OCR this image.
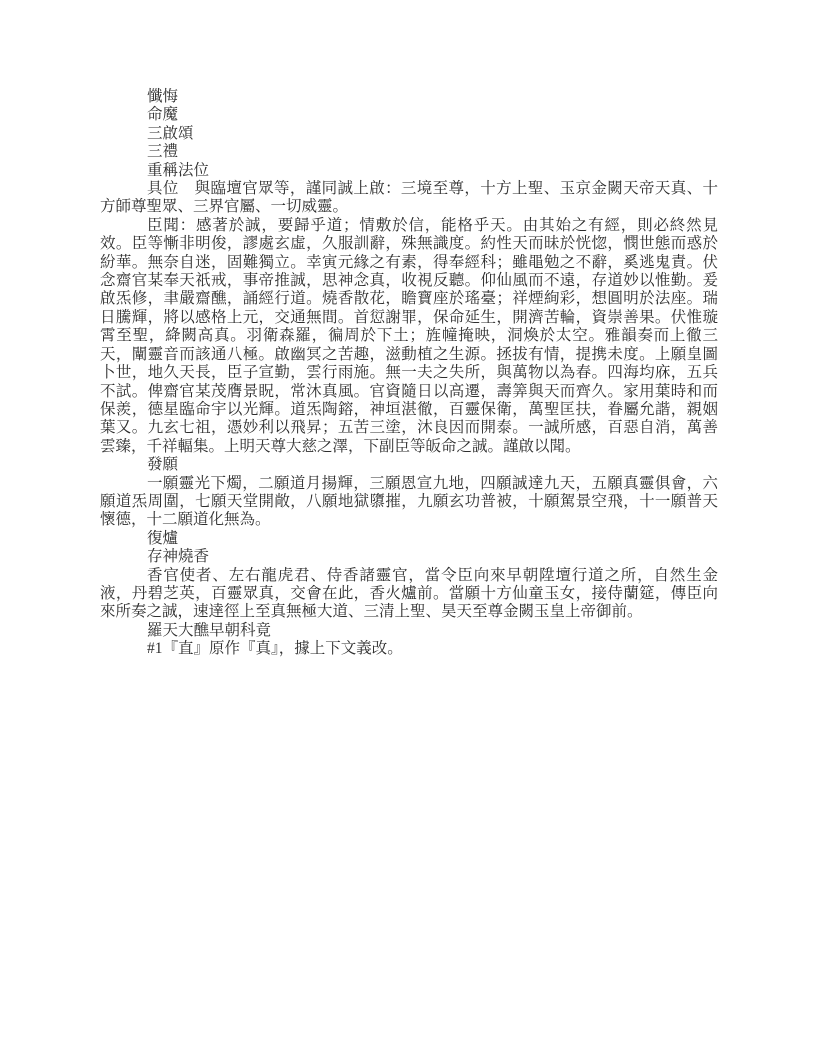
懺悔

命魔

三啟頌

三禮

重稱法位

具位　與臨壇官眾等，謹同誠上啟：三境至尊，十方上聖、玉京金闕天帝天真、十方師尊聖眾、三界官屬、一切威靈。

臣聞：感著於誠，要歸乎道；情敷於信，能格乎天。由其始之有經，則必終然見效。臣等慚非明俊，謬處玄虛，久服訓辭，殊無識度。約性天而昧於恍惚，憫世態而惑於紛華。無奈自迷，固難獨立。幸寅元緣之有素，得奉經科；雖黽勉之不辭，奚逃鬼責。伏念齋官某奉天祇戒，事帝推誠，思神念真，收視反聽。仰仙風而不遠，存道妙以惟勤。爰啟炁修，聿嚴齋醮，誦經行道。燒香散花，瞻寶座於瑤臺；祥煙絢彩，想圓明於法座。瑞日騰輝，將以感格上元，交通無間。首愆謝罪，保命延生，開濟苦輪，資崇善果。伏惟璇霄至聖，絳闕高真。羽衛森羅，徧周於下土；旌幢掩映，洞煥於太空。雅韻奏而上徹三天，闡靈音而該通八極。啟幽冥之苦趣，滋動植之生源。拯拔有情，提携未度。上願皇圖卜世，地久天長，臣子宣勤，雲行雨施。無一夫之失所，與萬物以為春。四海均庥，五兵不試。俾齋官某茂膺景眖，常沐真風。官資隨日以高遷，壽筭與天而齊久。家用葉時和而保羨，德星臨命宇以光輝。道炁陶鎔，神垣湛徹，百靈保衛，萬聖匡扶，眷屬允諧，親姻葉又。九玄七祖，憑妙利以飛昇；五苦三塗，沐良因而開泰。一誠所感，百惡自消，萬善雲臻，千祥輻集。上明天尊大慈之澤，下副臣等皈命之誠。謹啟以聞。

發願

一願靈光下燭，二願道月揚輝，三願恩宣九地，四願誠達九天，五願真靈俱會，六願道炁周圍，七願天堂開敞，八願地獄隳摧，九願玄功普被，十願駕景空飛，十一願普天懷德，十二願道化無為。

復爐

存神燒香

香官使者、左右龍虎君、侍香諸靈官，當令臣向來早朝陞壇行道之所，自然生金液，丹碧芝英，百靈眾真，交會在此，香火爐前。當願十方仙童玉女，接侍蘭筵，傳臣向來所奏之誠，速達徑上至真無極大道、三清上聖、昊天至尊金闕玉皇上帝御前。

羅天大醮早朝科竟

#1『直』原作『真』，據上下文義改。
